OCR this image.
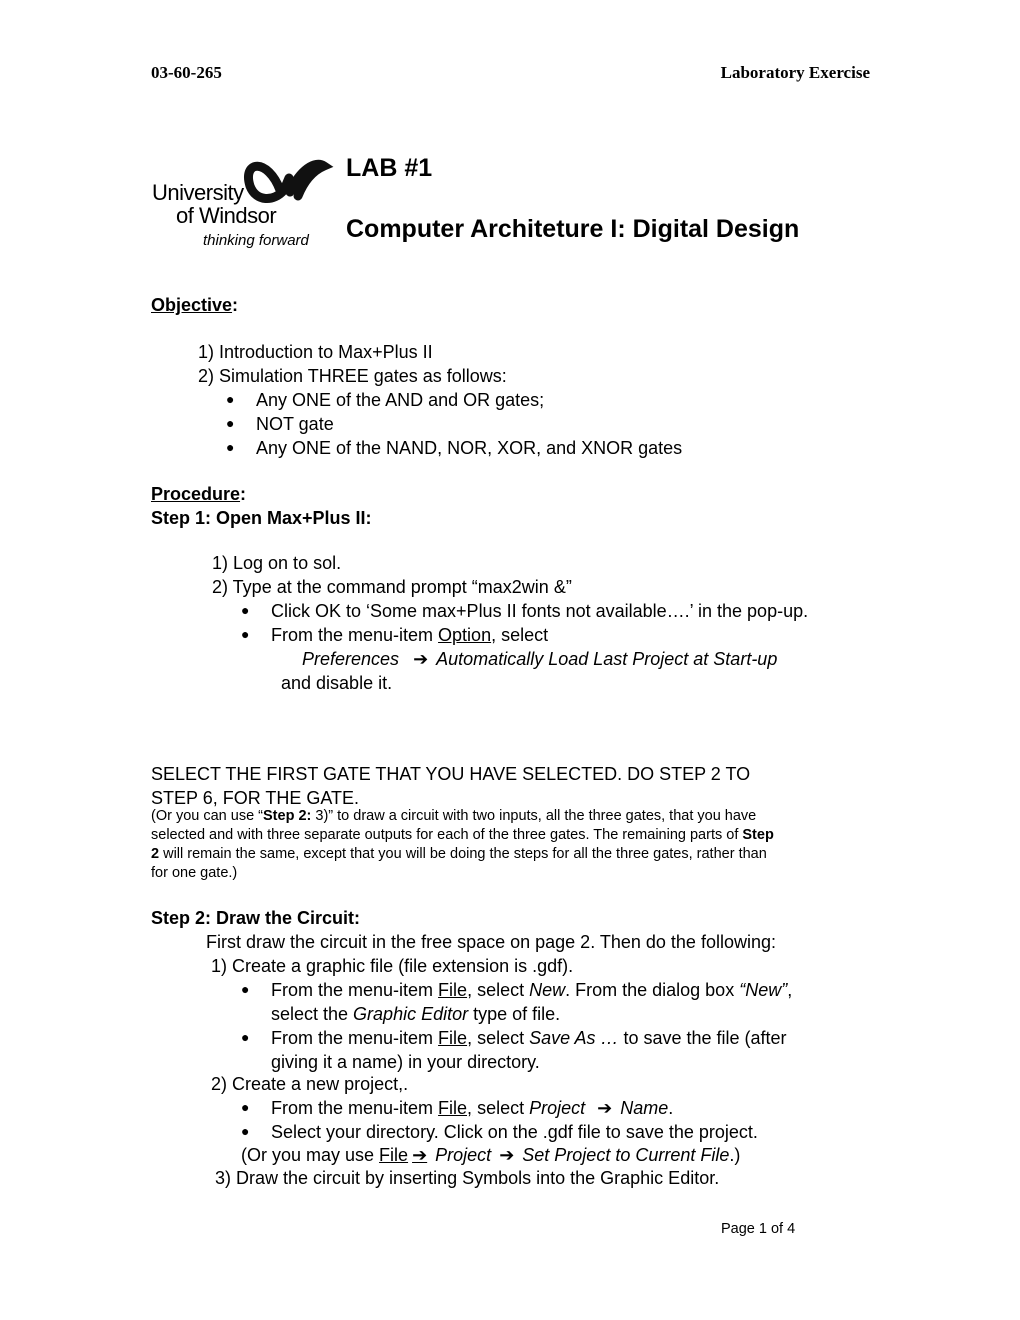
03-60-265	Laboratory Exercise
University
of Windsor
thinking forward
LAB #1
Computer Architeture I: Digital Design
Objective:
1) Introduction to Max+Plus II
2) Simulation THREE gates as follows:
● Any ONE of the AND and OR gates;
● NOT gate
● Any ONE of the NAND, NOR, XOR, and XNOR gates
Procedure:
Step 1: Open Max+Plus II:
1) Log on to sol.
2) Type at the command prompt “max2win &”
● Click OK to ‘Some max+Plus II fonts not available….’ in the pop-up.
● From the menu-item Option, select
Preferences ➔ Automatically Load Last Project at Start-up
and disable it.
SELECT THE FIRST GATE THAT YOU HAVE SELECTED. DO STEP 2 TO
STEP 6, FOR THE GATE.
(Or you can use “Step 2: 3)” to draw a circuit with two inputs, all the three gates, that you have
selected and with three separate outputs for each of the three gates. The remaining parts of Step
2 will remain the same, except that you will be doing the steps for all the three gates, rather than
for one gate.)
Step 2: Draw the Circuit:
First draw the circuit in the free space on page 2. Then do the following:
1) Create a graphic file (file extension is .gdf).
● From the menu-item File, select New. From the dialog box “New”,
select the Graphic Editor type of file.
● From the menu-item File, select Save As … to save the file (after
giving it a name) in your directory.
2) Create a new project,.
● From the menu-item File, select Project ➔ Name.
● Select your directory. Click on the .gdf file to save the project.
(Or you may use File ➔ Project ➔ Set Project to Current File.)
3) Draw the circuit by inserting Symbols into the Graphic Editor.
Page 1 of 4
